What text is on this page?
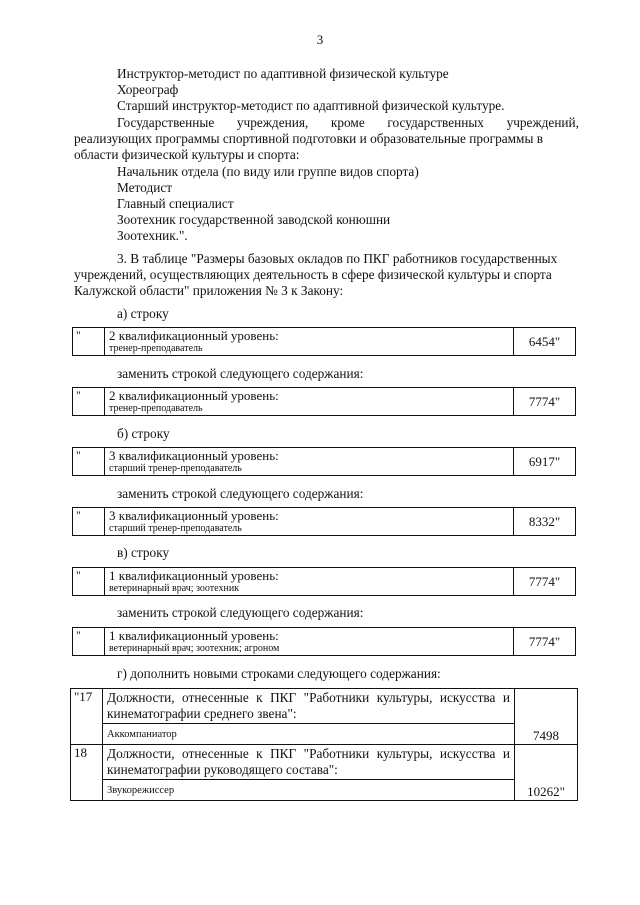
3
Инструктор-методист по адаптивной физической культуре
Хореограф
Старший инструктор-методист по адаптивной физической культуре.
Государственные учреждения, кроме государственных учреждений,
реализующих программы спортивной подготовки и образовательные программы в
области физической культуры и спорта:
Начальник отдела (по виду или группе видов спорта)
Методист
Главный специалист
Зоотехник государственной заводской конюшни
Зоотехник.".
3. В таблице "Размеры базовых окладов по ПКГ работников государственных
учреждений, осуществляющих деятельность в сфере физической культуры и спорта
Калужской области" приложения № 3 к Закону:
а) строку
"	2 квалификационный уровень:
тренер-преподаватель	6454"
заменить строкой следующего содержания:
"	2 квалификационный уровень:
тренер-преподаватель	7774"
б) строку
"	3 квалификационный уровень:
старший тренер-преподаватель	6917"
заменить строкой следующего содержания:
"	3 квалификационный уровень:
старший тренер-преподаватель	8332"
в) строку
"	1 квалификационный уровень:
ветеринарный врач; зоотехник	7774"
заменить строкой следующего содержания:
"	1 квалификационный уровень:
ветеринарный врач; зоотехник; агроном	7774"
г) дополнить новыми строками следующего содержания:
"17	Должности, отнесенные к ПКГ "Работники культуры, искусства и кинематографии среднего звена":	7498
	Аккомпаниатор	
18	Должности, отнесенные к ПКГ "Работники культуры, искусства и кинематографии руководящего состава":	10262"
	Звукорежиссер	
